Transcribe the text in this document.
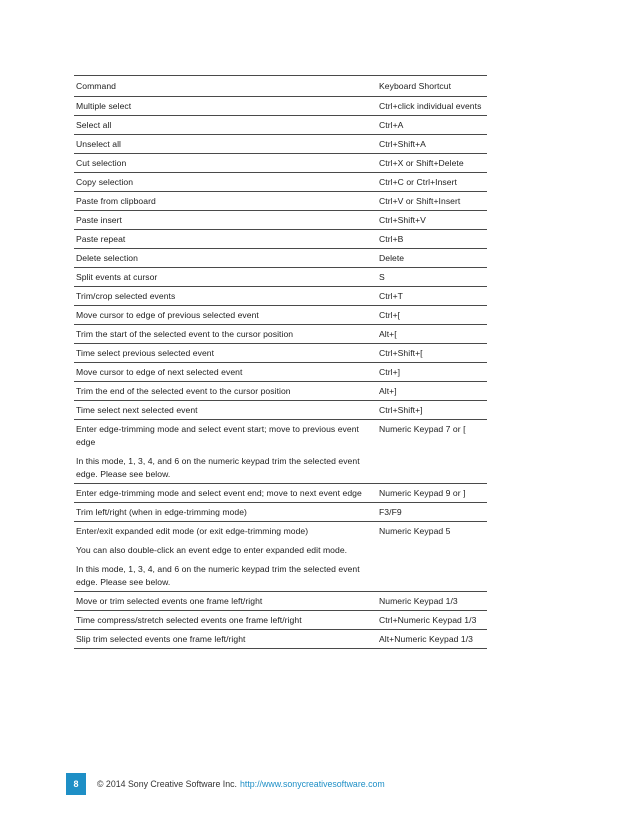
Command	Keyboard Shortcut

Multiple select	Ctrl+click individual events

Select all	Ctrl+A

Unselect all	Ctrl+Shift+A

Cut selection	Ctrl+X or Shift+Delete

Copy selection	Ctrl+C or Ctrl+Insert

Paste from clipboard	Ctrl+V or Shift+Insert

Paste insert	Ctrl+Shift+V

Paste repeat	Ctrl+B

Delete selection	Delete

Split events at cursor	S

Trim/crop selected events	Ctrl+T

Move cursor to edge of previous selected event	Ctrl+[

Trim the start of the selected event to the cursor position	Alt+[

Time select previous selected event	Ctrl+Shift+[

Move cursor to edge of next selected event	Ctrl+]

Trim the end of the selected event to the cursor position	Alt+]

Time select next selected event	Ctrl+Shift+]

Enter edge-trimming mode and select event start; move to previous event edge
In this mode, 1, 3, 4, and 6 on the numeric keypad trim the selected event edge. Please see below.	Numeric Keypad 7 or [

Enter edge-trimming mode and select event end; move to next event edge	Numeric Keypad 9 or ]

Trim left/right (when in edge-trimming mode)	F3/F9

Enter/exit expanded edit mode (or exit edge-trimming mode)
You can also double-click an event edge to enter expanded edit mode.
In this mode, 1, 3, 4, and 6 on the numeric keypad trim the selected event edge. Please see below.	Numeric Keypad 5

Move or trim selected events one frame left/right	Numeric Keypad 1/3

Time compress/stretch selected events one frame left/right	Ctrl+Numeric Keypad 1/3

Slip trim selected events one frame left/right	Alt+Numeric Keypad 1/3
8	© 2014 Sony Creative Software Inc. http://www.sonycreativesoftware.com
